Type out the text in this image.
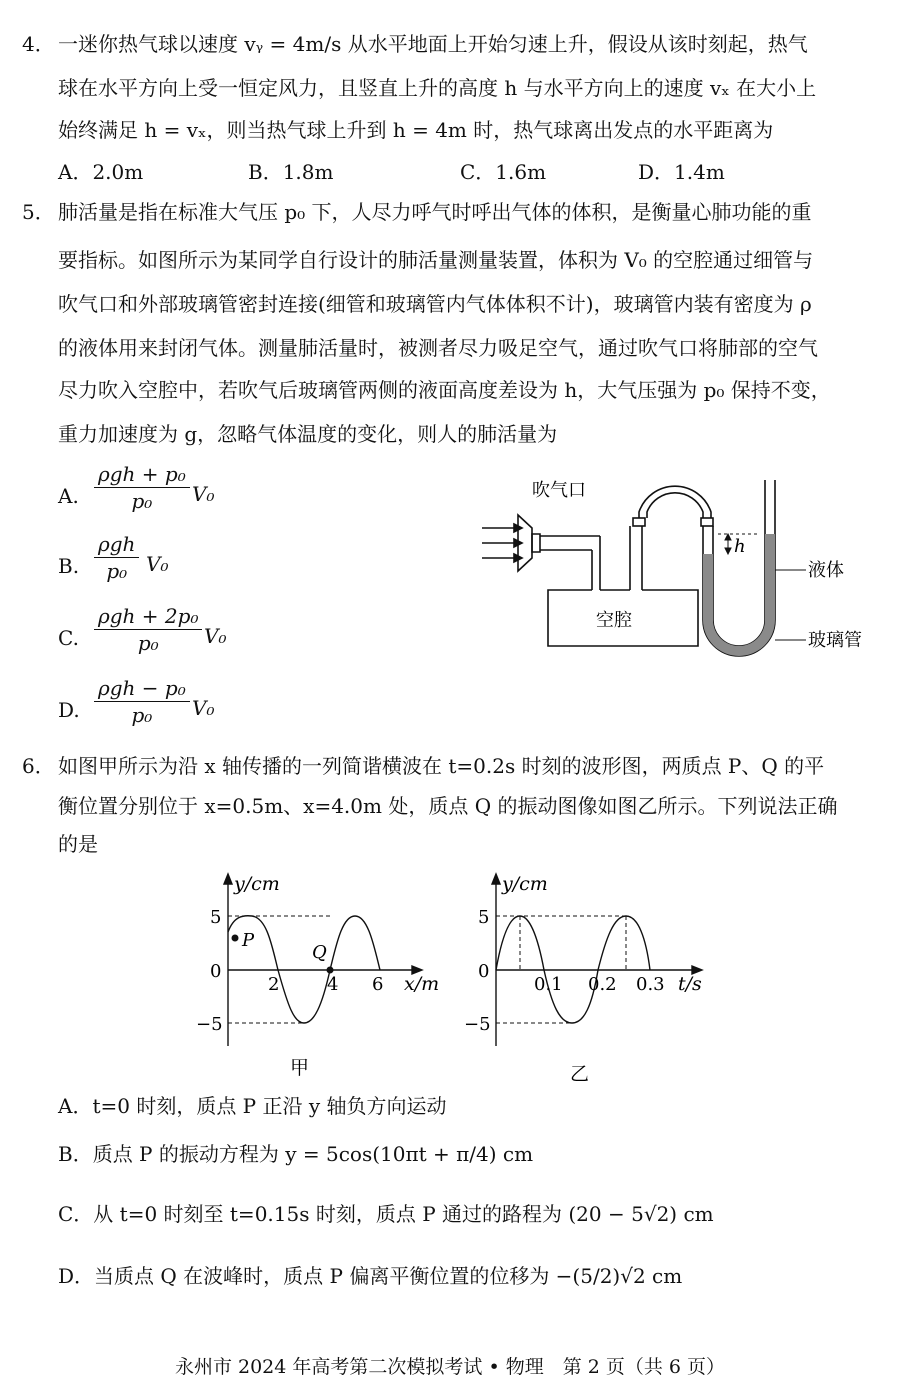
4． 一迷你热气球以速度 vᵧ = 4m/s 从水平地面上开始匀速上升，假设从该时刻起，热气
球在水平方向上受一恒定风力，且竖直上升的高度 h 与水平方向上的速度 vₓ 在大小上
始终满足 h = vₓ，则当热气球上升到 h = 4m 时，热气球离出发点的水平距离为
A．2.0m	B．1.8m	C．1.6m	D．1.4m
5． 肺活量是指在标准大气压 p₀ 下，人尽力呼气时呼出气体的体积，是衡量心肺功能的重
要指标。如图所示为某同学自行设计的肺活量测量装置，体积为 V₀ 的空腔通过细管与
吹气口和外部玻璃管密封连接(细管和玻璃管内气体体积不计)，玻璃管内装有密度为 ρ
的液体用来封闭气体。测量肺活量时，被测者尽力吸足空气，通过吹气口将肺部的空气
尽力吹入空腔中，若吹气后玻璃管两侧的液面高度差设为 h，大气压强为 p₀ 保持不变，
重力加速度为 g，忽略气体温度的变化，则人的肺活量为
A.
ρgh + p₀
p₀	V₀
B.
ρgh
p₀ V₀
C.
ρgh + 2p₀
p₀	V₀
D.
ρgh − p₀
p₀	V₀
吹气口
空腔
液体
玻璃管
h
6． 如图甲所示为沿 x 轴传播的一列简谐横波在 t=0.2s 时刻的波形图，两质点 P、Q 的平
衡位置分别位于 x=0.5m、x=4.0m 处，质点 Q 的振动图像如图乙所示。下列说法正确
的是
y/cm
x/m
5
0
−5
2	4 6
P
Q
甲
y/cm
t/s
5
0
−5
0.1 0.2 0.3
乙
A．t=0 时刻，质点 P 正沿 y 轴负方向运动
B．质点 P 的振动方程为 y = 5cos(10πt + π/4) cm
C．从 t=0 时刻至 t=0.15s 时刻，质点 P 通过的路程为 (20 − 5√2) cm
D．当质点 Q 在波峰时，质点 P 偏离平衡位置的位移为 −(5/2)√2 cm
永州市 2024 年高考第二次模拟考试 • 物理　第 2 页（共 6 页）
